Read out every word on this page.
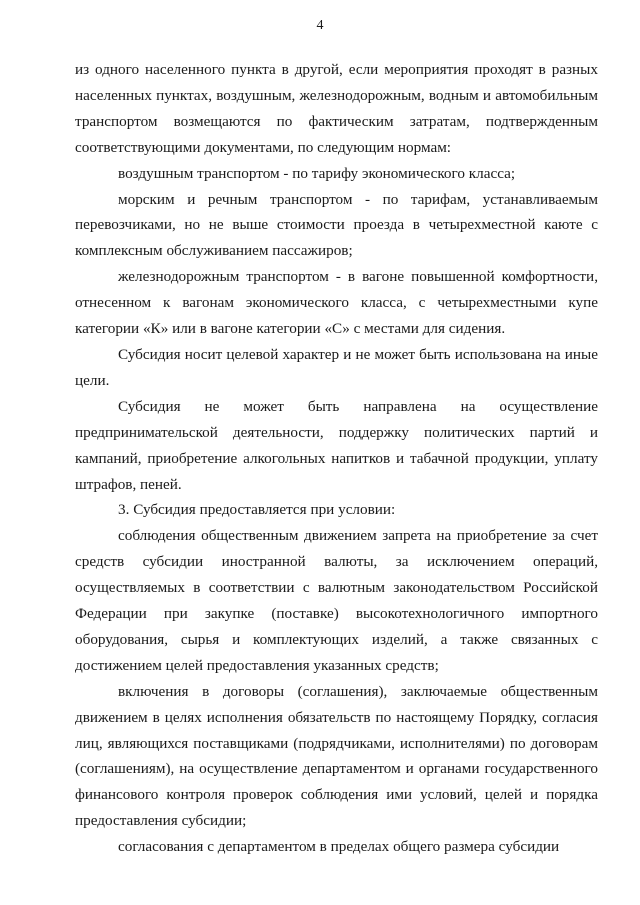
4

из одного населенного пункта в другой, если мероприятия проходят в разных населенных пунктах, воздушным, железнодорожным, водным и автомобильным транспортом возмещаются по фактическим затратам, подтвержденным соответствующими документами, по следующим нормам:

воздушным транспортом - по тарифу экономического класса;

морским и речным транспортом - по тарифам, устанавливаемым перевозчиками, но не выше стоимости проезда в четырехместной каюте с комплексным обслуживанием пассажиров;

железнодорожным транспортом - в вагоне повышенной комфортности, отнесенном к вагонам экономического класса, с четырехместными купе категории «К» или в вагоне категории «С» с местами для сидения.

Субсидия носит целевой характер и не может быть использована на иные цели.

Субсидия не может быть направлена на осуществление предпринимательской деятельности, поддержку политических партий и кампаний, приобретение алкогольных напитков и табачной продукции, уплату штрафов, пеней.

3. Субсидия предоставляется при условии:

соблюдения общественным движением запрета на приобретение за счет средств субсидии иностранной валюты, за исключением операций, осуществляемых в соответствии с валютным законодательством Российской Федерации при закупке (поставке) высокотехнологичного импортного оборудования, сырья и комплектующих изделий, а также связанных с достижением целей предоставления указанных средств;

включения в договоры (соглашения), заключаемые общественным движением в целях исполнения обязательств по настоящему Порядку, согласия лиц, являющихся поставщиками (подрядчиками, исполнителями) по договорам (соглашениям), на осуществление департаментом и органами государственного финансового контроля проверок соблюдения ими условий, целей и порядка предоставления субсидии;

согласования с департаментом в пределах общего размера субсидии
